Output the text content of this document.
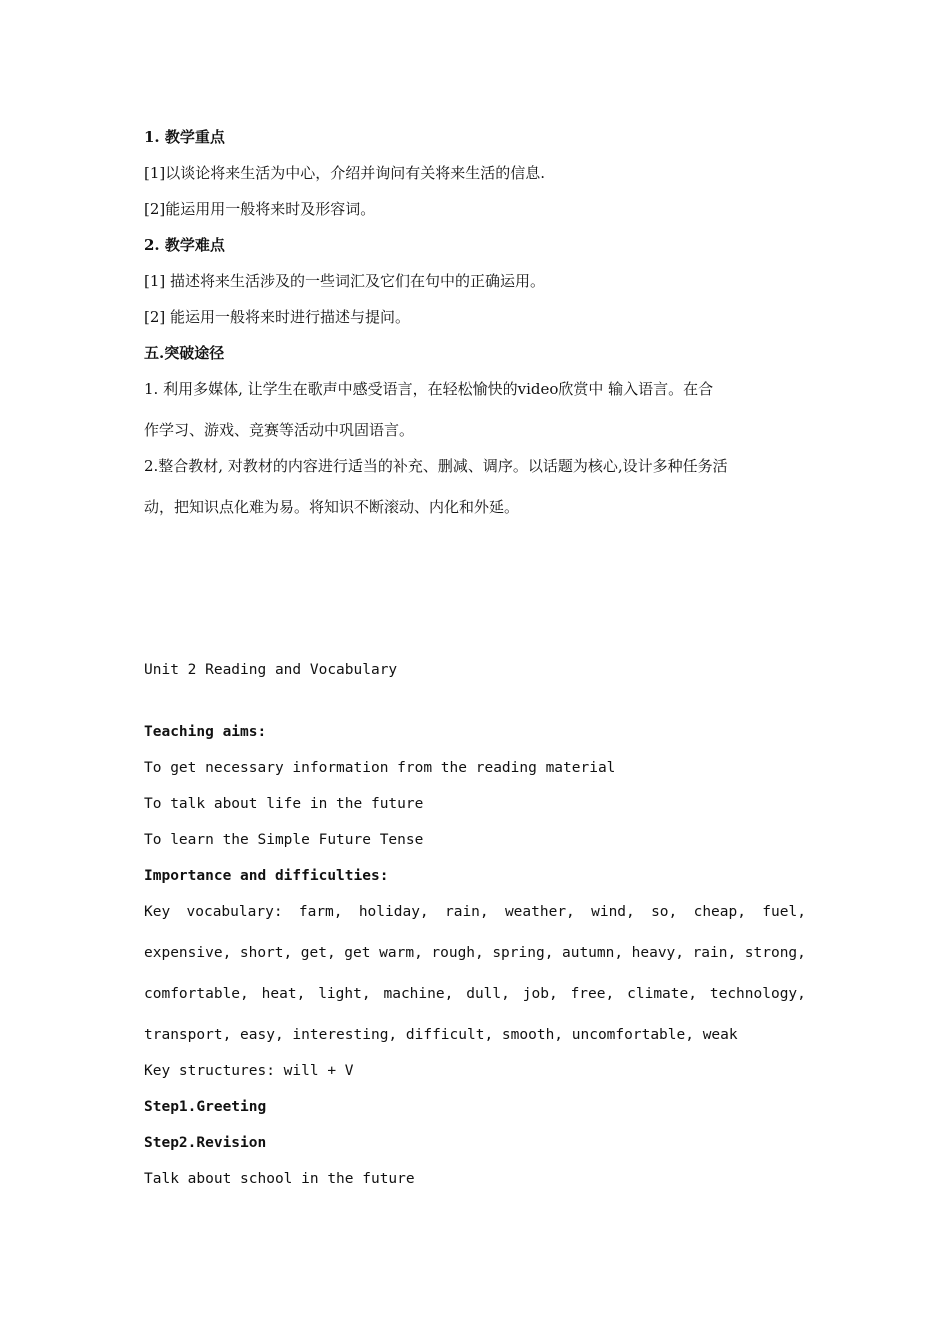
1. 教学重点
[1]以谈论将来生活为中心，介绍并询问有关将来生活的信息.
[2]能运用用一般将来时及形容词。
2. 教学难点
[1] 描述将来生活涉及的一些词汇及它们在句中的正确运用。
[2] 能运用一般将来时进行描述与提问。
五.突破途径
1. 利用多媒体, 让学生在歌声中感受语言，在轻松愉快的video欣赏中 输入语言。在合
作学习、游戏、竞赛等活动中巩固语言。
2.整合教材, 对教材的内容进行适当的补充、删减、调序。以话题为核心,设计多种任务活
动，把知识点化难为易。将知识不断滚动、内化和外延。
Unit 2 Reading and Vocabulary
Teaching aims:
To get necessary information from the reading material
To talk about life in the future
To learn the Simple Future Tense
Importance and difficulties:
Key vocabulary: farm, holiday, rain, weather, wind, so, cheap, fuel,
expensive, short, get, get warm, rough, spring, autumn, heavy, rain, strong,
comfortable, heat, light, machine, dull, job, free, climate, technology,
transport, easy, interesting, difficult, smooth, uncomfortable, weak
Key structures: will + V
Step1.Greeting
Step2.Revision
Talk about school in the future
